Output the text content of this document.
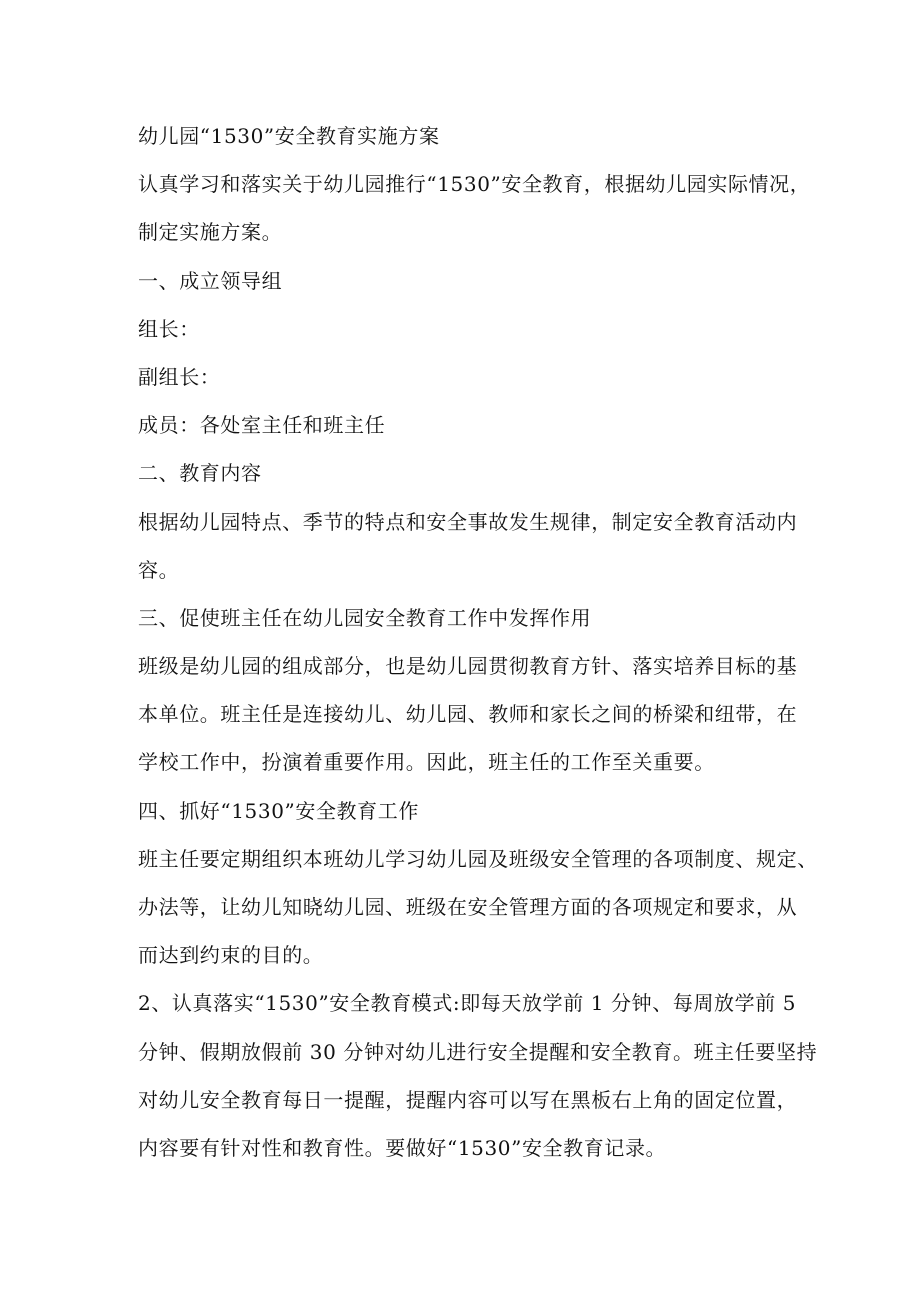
幼儿园“1530”安全教育实施方案

认真学习和落实关于幼儿园推行“1530”安全教育，根据幼儿园实际情况，

制定实施方案。

一、成立领导组

组长：

副组长：

成员：各处室主任和班主任

二、教育内容

根据幼儿园特点、季节的特点和安全事故发生规律，制定安全教育活动内

容。

三、促使班主任在幼儿园安全教育工作中发挥作用

班级是幼儿园的组成部分，也是幼儿园贯彻教育方针、落实培养目标的基

本单位。班主任是连接幼儿、幼儿园、教师和家长之间的桥梁和纽带，在

学校工作中，扮演着重要作用。因此，班主任的工作至关重要。

四、抓好“1530”安全教育工作

班主任要定期组织本班幼儿学习幼儿园及班级安全管理的各项制度、规定、

办法等，让幼儿知晓幼儿园、班级在安全管理方面的各项规定和要求，从

而达到约束的目的。

2、认真落实“1530”安全教育模式:即每天放学前 1 分钟、每周放学前 5

分钟、假期放假前 30 分钟对幼儿进行安全提醒和安全教育。班主任要坚持

对幼儿安全教育每日一提醒，提醒内容可以写在黑板右上角的固定位置，

内容要有针对性和教育性。要做好“1530”安全教育记录。
